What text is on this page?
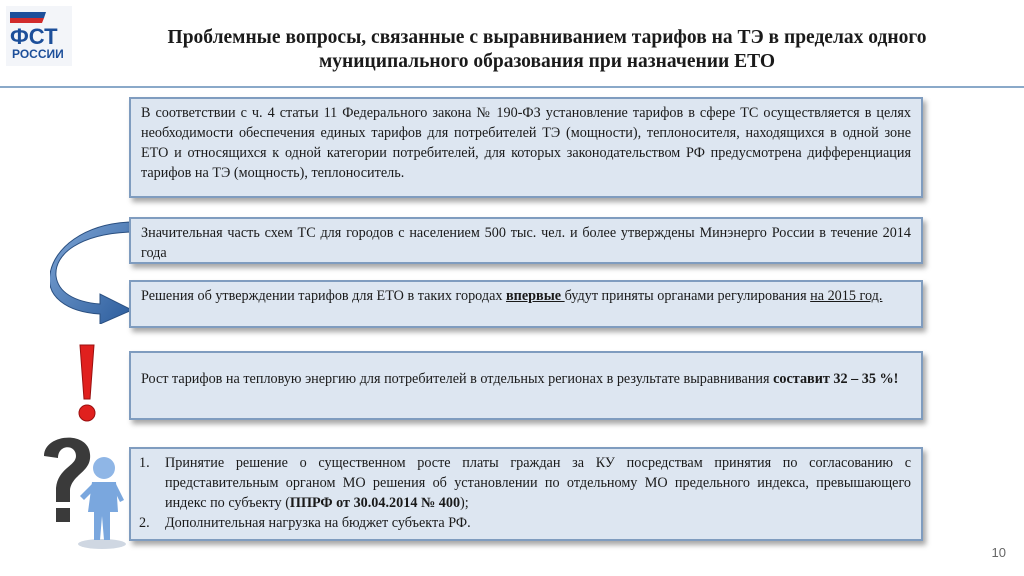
ФСТ
РОССИИ
Проблемные вопросы, связанные с выравниванием тарифов на ТЭ в пределах одного муниципального образования при назначении ЕТО

В соответствии с ч. 4 статьи 11 Федерального закона № 190-ФЗ установление тарифов в сфере ТС осуществляется в целях необходимости обеспечения единых тарифов для потребителей ТЭ (мощности), теплоносителя, находящихся в одной зоне ЕТО и относящихся к одной категории потребителей, для которых законодательством РФ предусмотрена дифференциация тарифов на ТЭ (мощность), теплоноситель.

Значительная часть схем ТС для городов с населением 500 тыс. чел. и более утверждены Минэнерго России в течение 2014 года

Решения об утверждении тарифов для ЕТО в таких городах впервые будут приняты органами регулирования на 2015 год.

Рост тарифов на тепловую энергию для потребителей в отдельных регионах в результате выравнивания составит 32 – 35 %!

1.	Принятие решение о существенном росте платы граждан за КУ посредствам принятия по согласованию с представительным органом МО решения об установлении по отдельному МО предельного индекса, превышающего индекс по субъекту (ППРФ от 30.04.2014 № 400);
2.	Дополнительная нагрузка на бюджет субъекта РФ.
10
